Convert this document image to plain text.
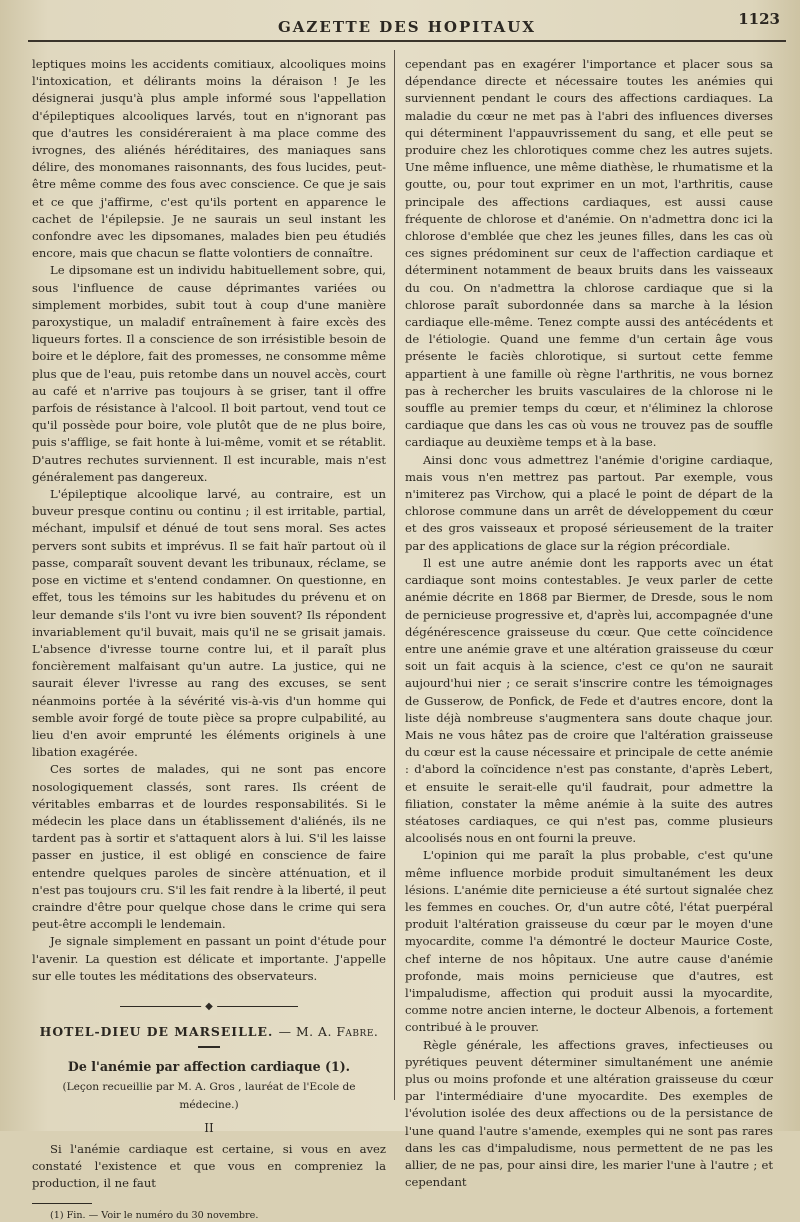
GAZETTE DES HOPITAUX	1123

leptiques moins les accidents comitiaux, alcooliques moins l'intoxication, et délirants moins la déraison ! Je les désignerai jusqu'à plus ample informé sous l'appellation d'épileptiques alcooliques larvés, tout en n'ignorant pas que d'autres les considéreraient à ma place comme des ivrognes, des aliénés héréditaires, des maniaques sans délire, des monomanes raisonnants, des fous lucides, peut-être même comme des fous avec conscience. Ce que je sais et ce que j'affirme, c'est qu'ils portent en apparence le cachet de l'épilepsie. Je ne saurais un seul instant les confondre avec les dipsomanes, malades bien peu étudiés encore, mais que chacun se flatte volontiers de connaître.

Le dipsomane est un individu habituellement sobre, qui, sous l'influence de cause déprimantes variées ou simplement morbides, subit tout à coup d'une manière paroxystique, un maladif entraînement à faire excès des liqueurs fortes. Il a conscience de son irrésistible besoin de boire et le déplore, fait des promesses, ne consomme même plus que de l'eau, puis retombe dans un nouvel accès, court au café et n'arrive pas toujours à se griser, tant il offre parfois de résistance à l'alcool. Il boit partout, vend tout ce qu'il possède pour boire, vole plutôt que de ne plus boire, puis s'afflige, se fait honte à lui-même, vomit et se rétablit. D'autres rechutes surviennent. Il est incurable, mais n'est généralement pas dangereux.

L'épileptique alcoolique larvé, au contraire, est un buveur presque continu ou continu ; il est irritable, partial, méchant, impulsif et dénué de tout sens moral. Ses actes pervers sont subits et imprévus. Il se fait haïr partout où il passe, comparaît souvent devant les tribunaux, réclame, se pose en victime et s'entend condamner. On questionne, en effet, tous les témoins sur les habitudes du prévenu et on leur demande s'ils l'ont vu ivre bien souvent? Ils répondent invariablement qu'il buvait, mais qu'il ne se grisait jamais. L'absence d'ivresse tourne contre lui, et il paraît plus foncièrement malfaisant qu'un autre. La justice, qui ne saurait élever l'ivresse au rang des excuses, se sent néanmoins portée à la sévérité vis-à-vis d'un homme qui semble avoir forgé de toute pièce sa propre culpabilité, au lieu d'en avoir emprunté les éléments originels à une libation exagérée.

Ces sortes de malades, qui ne sont pas encore nosologiquement classés, sont rares. Ils créent de véritables embarras et de lourdes responsabilités. Si le médecin les place dans un établissement d'aliénés, ils ne tardent pas à sortir et s'attaquent alors à lui. S'il les laisse passer en justice, il est obligé en conscience de faire entendre quelques paroles de sincère atténuation, et il n'est pas toujours cru. S'il les fait rendre à la liberté, il peut craindre d'être pour quelque chose dans le crime qui sera peut-être accompli le lendemain.

Je signale simplement en passant un point d'étude pour l'avenir. La question est délicate et importante. J'appelle sur elle toutes les méditations des observateurs.

◆
HOTEL-DIEU DE MARSEILLE. — M. A. Fabre.
De l'anémie par affection cardiaque (1).
(Leçon recueillie par M. A. Gros , lauréat de l'Ecole de médecine.)
II

Si l'anémie cardiaque est certaine, si vous en avez constaté l'existence et que vous en compreniez la production, il ne faut

(1) Fin. — Voir le numéro du 30 novembre.

cependant pas en exagérer l'importance et placer sous sa dépendance directe et nécessaire toutes les anémies qui surviennent pendant le cours des affections cardiaques. La maladie du cœur ne met pas à l'abri des influences diverses qui déterminent l'appauvrissement du sang, et elle peut se produire chez les chlorotiques comme chez les autres sujets. Une même influence, une même diathèse, le rhumatisme et la goutte, ou, pour tout exprimer en un mot, l'arthritis, cause principale des affections cardiaques, est aussi cause fréquente de chlorose et d'anémie. On n'admettra donc ici la chlorose d'emblée que chez les jeunes filles, dans les cas où ces signes prédominent sur ceux de l'affection cardiaque et déterminent notamment de beaux bruits dans les vaisseaux du cou. On n'admettra la chlorose cardiaque que si la chlorose paraît subordonnée dans sa marche à la lésion cardiaque elle-même. Tenez compte aussi des antécédents et de l'étiologie. Quand une femme d'un certain âge vous présente le faciès chlorotique, si surtout cette femme appartient à une famille où règne l'arthritis, ne vous bornez pas à rechercher les bruits vasculaires de la chlorose ni le souffle au premier temps du cœur, et n'éliminez la chlorose cardiaque que dans les cas où vous ne trouvez pas de souffle cardiaque au deuxième temps et à la base.

Ainsi donc vous admettrez l'anémie d'origine cardiaque, mais vous n'en mettrez pas partout. Par exemple, vous n'imiterez pas Virchow, qui a placé le point de départ de la chlorose commune dans un arrêt de développement du cœur et des gros vaisseaux et proposé sérieusement de la traiter par des applications de glace sur la région précordiale.

Il est une autre anémie dont les rapports avec un état cardiaque sont moins contestables. Je veux parler de cette anémie décrite en 1868 par Biermer, de Dresde, sous le nom de pernicieuse progressive et, d'après lui, accompagnée d'une dégénérescence graisseuse du cœur. Que cette coïncidence entre une anémie grave et une altération graisseuse du cœur soit un fait acquis à la science, c'est ce qu'on ne saurait aujourd'hui nier ; ce serait s'inscrire contre les témoignages de Gusserow, de Ponfick, de Fede et d'autres encore, dont la liste déjà nombreuse s'augmentera sans doute chaque jour. Mais ne vous hâtez pas de croire que l'altération graisseuse du cœur est la cause nécessaire et principale de cette anémie : d'abord la coïncidence n'est pas constante, d'après Lebert, et ensuite le serait-elle qu'il faudrait, pour admettre la filiation, constater la même anémie à la suite des autres stéatoses cardiaques, ce qui n'est pas, comme plusieurs alcoolisés nous en ont fourni la preuve.

L'opinion qui me paraît la plus probable, c'est qu'une même influence morbide produit simultanément les deux lésions. L'anémie dite pernicieuse a été surtout signalée chez les femmes en couches. Or, d'un autre côté, l'état puerpéral produit l'altération graisseuse du cœur par le moyen d'une myocardite, comme l'a démontré le docteur Maurice Coste, chef interne de nos hôpitaux. Une autre cause d'anémie profonde, mais moins pernicieuse que d'autres, est l'impaludisme, affection qui produit aussi la myocardite, comme notre ancien interne, le docteur Albenois, a fortement contribué à le prouver.

Règle générale, les affections graves, infectieuses ou pyrétiques peuvent déterminer simultanément une anémie plus ou moins profonde et une altération graisseuse du cœur par l'intermédiaire d'une myocardite. Des exemples de l'évolution isolée des deux affections ou de la persistance de l'une quand l'autre s'amende, exemples qui ne sont pas rares dans les cas d'impaludisme, nous permettent de ne pas les allier, de ne pas, pour ainsi dire, les marier l'une à l'autre ; et cependant
